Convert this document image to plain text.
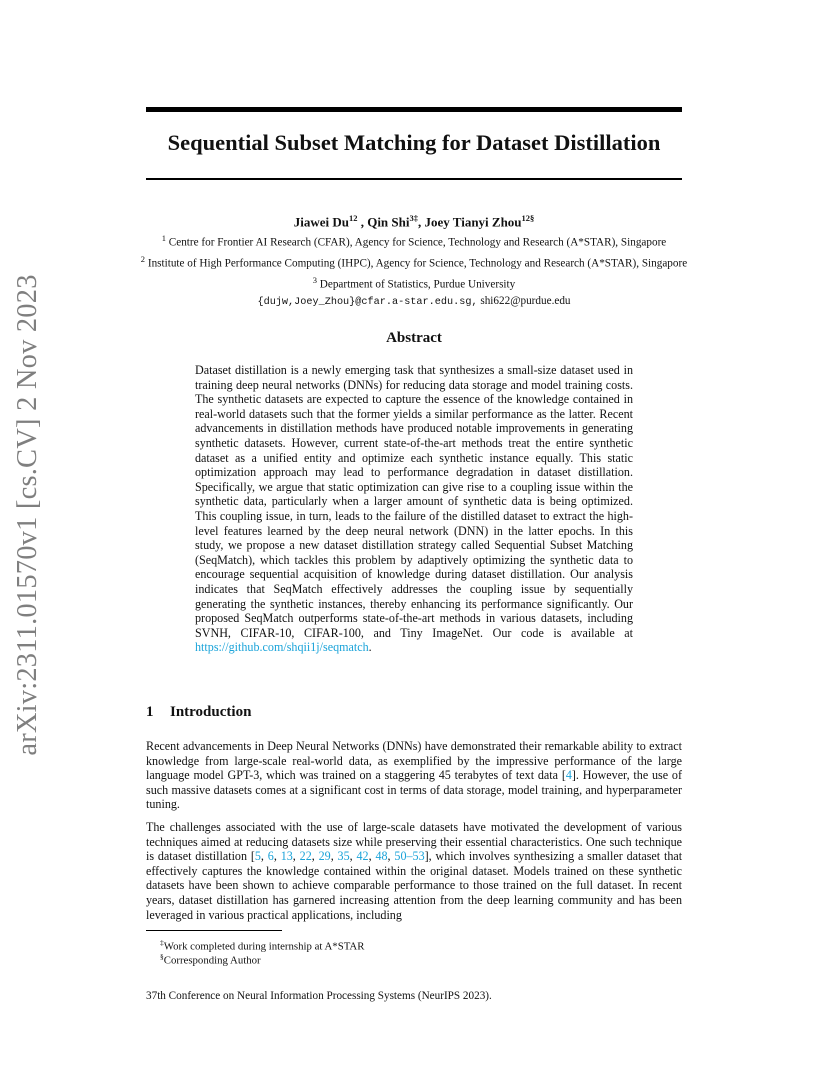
arXiv:2311.01570v1 [cs.CV] 2 Nov 2023
Sequential Subset Matching for Dataset Distillation
Jiawei Du$^{12}$ , Qin Shi$^{3\ddagger}$, Joey Tianyi Zhou$^{12\S}$
$^1$ Centre for Frontier AI Research (CFAR), Agency for Science, Technology and Research (A*STAR), Singapore
$^2$ Institute of High Performance Computing (IHPC), Agency for Science, Technology and Research (A*STAR), Singapore
$^3$ Department of Statistics, Purdue University
{dujw,Joey_Zhou}@cfar.a-star.edu.sg, shi622@purdue.edu
Abstract
Dataset distillation is a newly emerging task that synthesizes a small-size dataset used in training deep neural networks (DNNs) for reducing data storage and model training costs. The synthetic datasets are expected to capture the essence of the knowledge contained in real-world datasets such that the former yields a similar performance as the latter. Recent advancements in distillation methods have produced notable improvements in generating synthetic datasets. However, current state-of-the-art methods treat the entire synthetic dataset as a unified entity and optimize each synthetic instance equally. This static optimization approach may lead to performance degradation in dataset distillation. Specifically, we argue that static optimization can give rise to a coupling issue within the synthetic data, particularly when a larger amount of synthetic data is being optimized. This coupling issue, in turn, leads to the failure of the distilled dataset to extract the high-level features learned by the deep neural network (DNN) in the latter epochs. In this study, we propose a new dataset distillation strategy called Sequential Subset Matching (SeqMatch), which tackles this problem by adaptively optimizing the synthetic data to encourage sequential acquisition of knowledge during dataset distillation. Our analysis indicates that SeqMatch effectively addresses the coupling issue by sequentially generating the synthetic instances, thereby enhancing its performance significantly. Our proposed SeqMatch outperforms state-of-the-art methods in various datasets, including SVNH, CIFAR-10, CIFAR-100, and Tiny ImageNet. Our code is available at https://github.com/shqii1j/seqmatch.
1 Introduction
Recent advancements in Deep Neural Networks (DNNs) have demonstrated their remarkable ability to extract knowledge from large-scale real-world data, as exemplified by the impressive performance of the large language model GPT-3, which was trained on a staggering 45 terabytes of text data [4]. However, the use of such massive datasets comes at a significant cost in terms of data storage, model training, and hyperparameter tuning.
The challenges associated with the use of large-scale datasets have motivated the development of various techniques aimed at reducing datasets size while preserving their essential characteristics. One such technique is dataset distillation [5, 6, 13, 22, 29, 35, 42, 48, 50–53], which involves synthesizing a smaller dataset that effectively captures the knowledge contained within the original dataset. Models trained on these synthetic datasets have been shown to achieve comparable performance to those trained on the full dataset. In recent years, dataset distillation has garnered increasing attention from the deep learning community and has been leveraged in various practical applications, including
‡Work completed during internship at A*STAR
§Corresponding Author
37th Conference on Neural Information Processing Systems (NeurIPS 2023).
